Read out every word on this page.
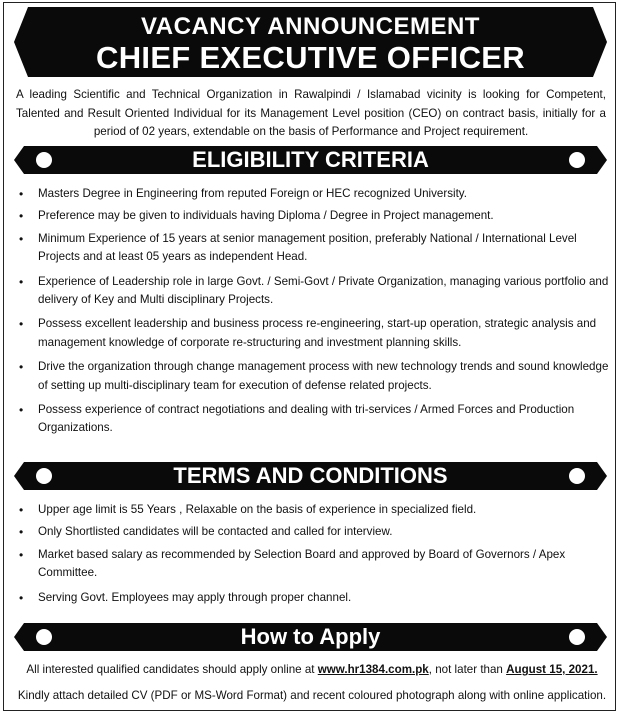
VACANCY ANNOUNCEMENT
CHIEF EXECUTIVE OFFICER
A leading Scientific and Technical Organization in Rawalpindi / Islamabad vicinity is looking for Competent, Talented and Result Oriented Individual for its Management Level position (CEO) on contract basis, initially for a period of 02 years, extendable on the basis of Performance and Project requirement.
ELIGIBILITY CRITERIA
• Masters Degree in Engineering from reputed Foreign or HEC recognized University.
• Preference may be given to individuals having Diploma / Degree in Project management.
• Minimum Experience of 15 years at senior management position, preferably National / International Level Projects and at least 05 years as independent Head.
• Experience of Leadership role in large Govt. / Semi-Govt / Private Organization, managing various portfolio and delivery of Key and Multi disciplinary Projects.
• Possess excellent leadership and business process re-engineering, start-up operation, strategic analysis and management knowledge of corporate re-structuring and investment planning skills.
• Drive the organization through change management process with new technology trends and sound knowledge of setting up multi-disciplinary team for execution of defense related projects.
• Possess experience of contract negotiations and dealing with tri-services / Armed Forces and Production Organizations.
TERMS AND CONDITIONS
• Upper age limit is 55 Years , Relaxable on the basis of experience in specialized field.
• Only Shortlisted candidates will be contacted and called for interview.
• Market based salary as recommended by Selection Board and approved by Board of Governors / Apex Committee.
• Serving Govt. Employees may apply through proper channel.
How to Apply
All interested qualified candidates should apply online at www.hr1384.com.pk, not later than August 15, 2021.
Kindly attach detailed CV (PDF or MS-Word Format) and recent coloured photograph along with online application.
